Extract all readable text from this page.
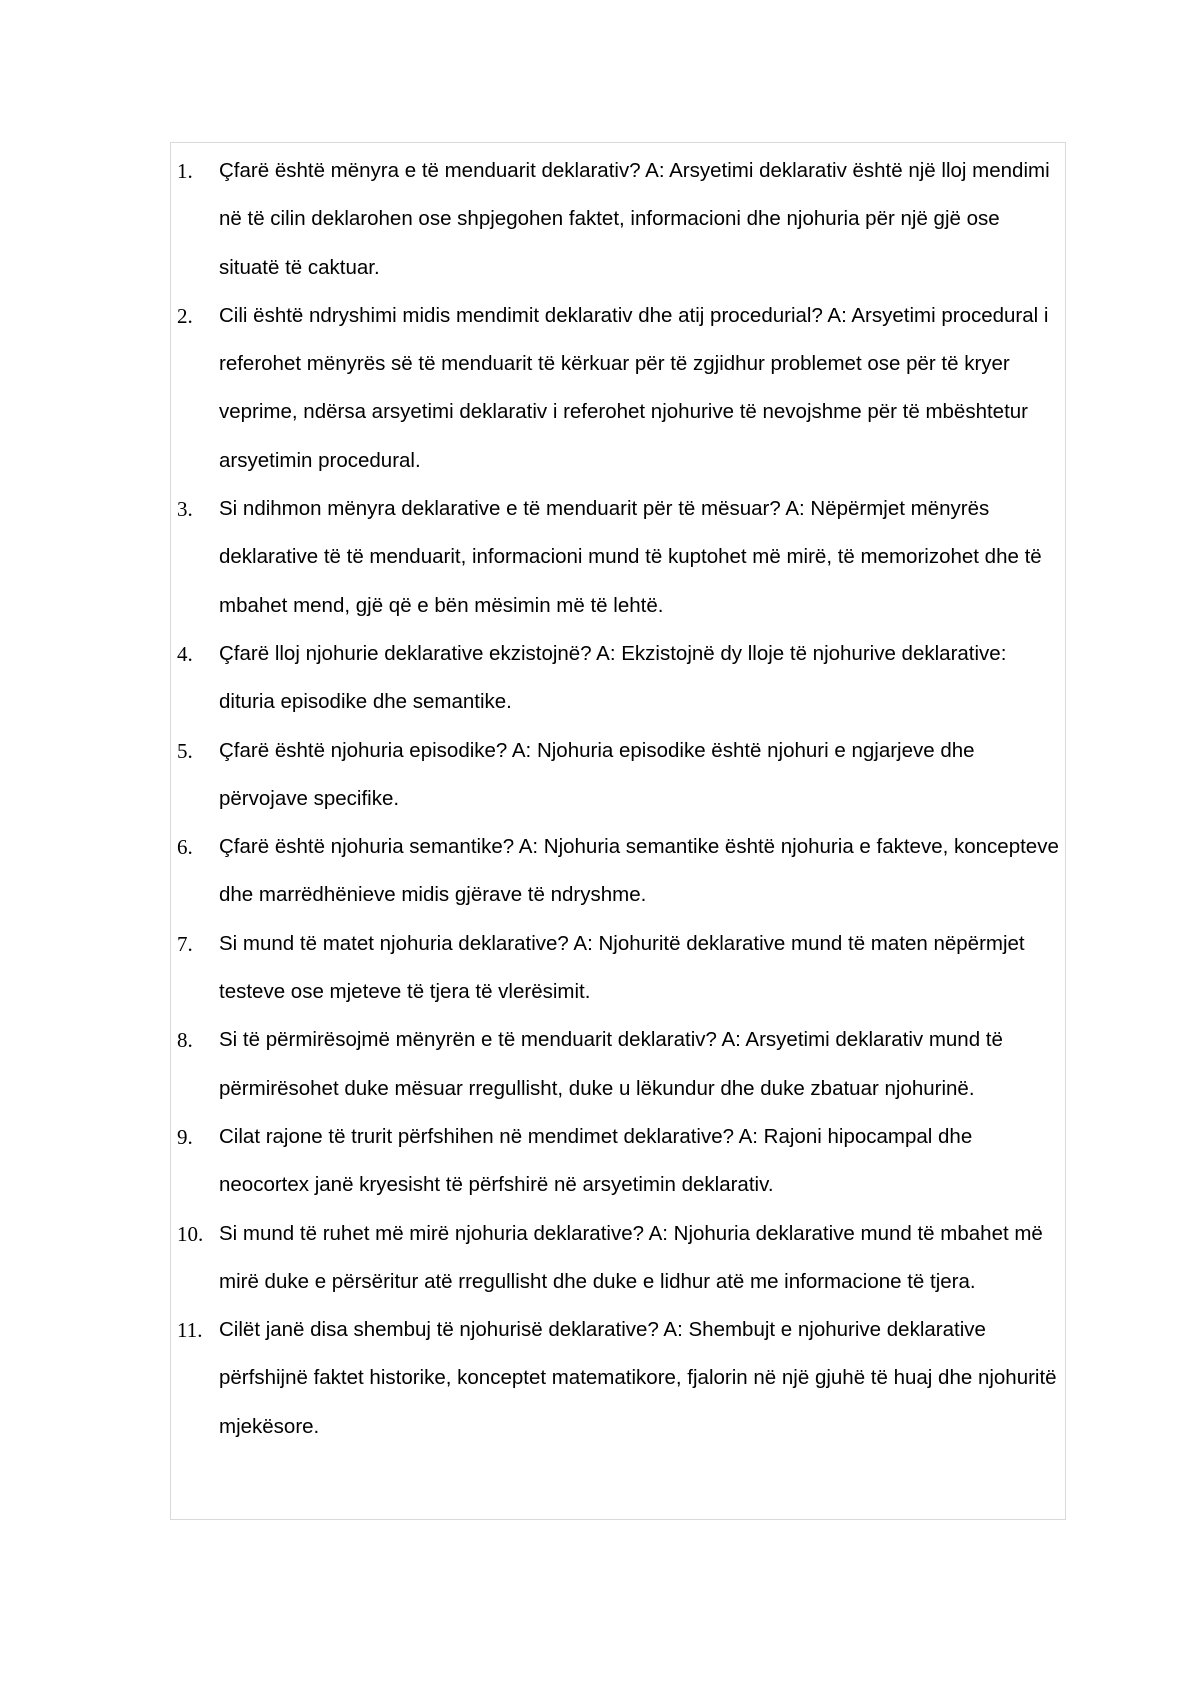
1.	Çfarë është mënyra e të menduarit deklarativ? A: Arsyetimi deklarativ është një lloj mendimi në të cilin deklarohen ose shpjegohen faktet, informacioni dhe njohuria për një gjë ose situatë të caktuar.
2.	Cili është ndryshimi midis mendimit deklarativ dhe atij procedurial? A: Arsyetimi procedural i referohet mënyrës së të menduarit të kërkuar për të zgjidhur problemet ose për të kryer veprime, ndërsa arsyetimi deklarativ i referohet njohurive të nevojshme për të mbështetur arsyetimin procedural.
3.	Si ndihmon mënyra deklarative e të menduarit për të mësuar? A: Nëpërmjet mënyrës deklarative të të menduarit, informacioni mund të kuptohet më mirë, të memorizohet dhe të mbahet mend, gjë që e bën mësimin më të lehtë.
4.	Çfarë lloj njohurie deklarative ekzistojnë? A: Ekzistojnë dy lloje të njohurive deklarative: dituria episodike dhe semantike.
5.	Çfarë është njohuria episodike? A: Njohuria episodike është njohuri e ngjarjeve dhe përvojave specifike.
6.	Çfarë është njohuria semantike? A: Njohuria semantike është njohuria e fakteve, koncepteve dhe marrëdhënieve midis gjërave të ndryshme.
7.	Si mund të matet njohuria deklarative? A: Njohuritë deklarative mund të maten nëpërmjet testeve ose mjeteve të tjera të vlerësimit.
8.	Si të përmirësojmë mënyrën e të menduarit deklarativ? A: Arsyetimi deklarativ mund të përmirësohet duke mësuar rregullisht, duke u lëkundur dhe duke zbatuar njohurinë.
9.	Cilat rajone të trurit përfshihen në mendimet deklarative? A: Rajoni hipocampal dhe neocortex janë kryesisht të përfshirë në arsyetimin deklarativ.
10. Si mund të ruhet më mirë njohuria deklarative? A: Njohuria deklarative mund të mbahet më mirë duke e përsëritur atë rregullisht dhe duke e lidhur atë me informacione të tjera.
11. Cilët janë disa shembuj të njohurisë deklarative? A: Shembujt e njohurive deklarative përfshijnë faktet historike, konceptet matematikore, fjalorin në një gjuhë të huaj dhe njohuritë mjekësore.
